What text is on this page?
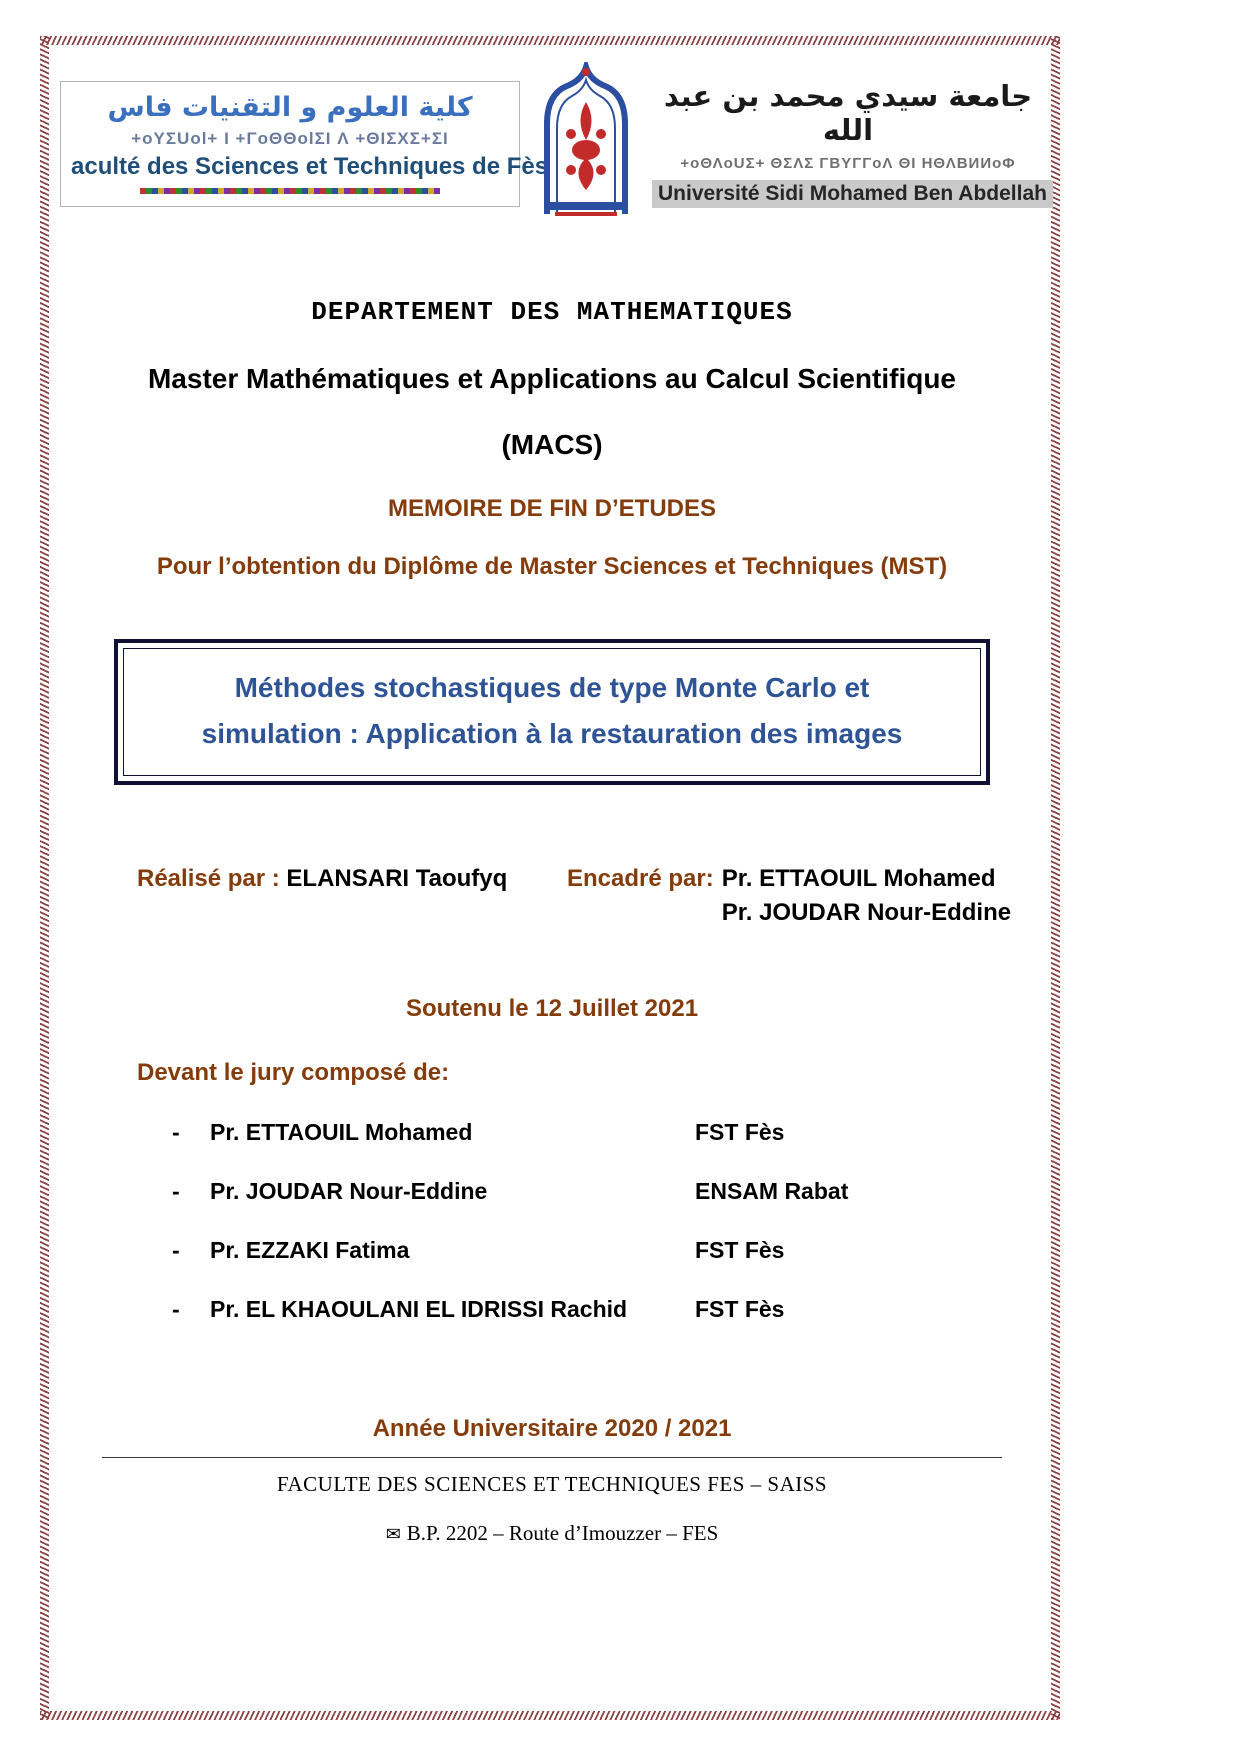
كلية العلوم و التقنيات فاس
+oYΣUol+ I +ΓoΘΘolΣI Λ +ΘIΣΧΣ+ΣI
aculté des Sciences et Techniques de Fès
جامعة سيدي محمد بن عبد الله
+oΘΛoUΣ+ ΘΣΛΣ ΓΒΥΓΓoΛ ΘI ΗΘΛΒИИoΦ
Université Sidi Mohamed Ben Abdellah
DEPARTEMENT DES MATHEMATIQUES
Master Mathématiques et Applications au Calcul Scientifique
(MACS)
MEMOIRE DE FIN D’ETUDES
Pour l’obtention du Diplôme de Master Sciences et Techniques (MST)
Méthodes stochastiques de type Monte Carlo et
simulation : Application à la restauration des images
Réalisé par : ELANSARI Taoufyq	Encadré par: Pr. ETTAOUIL Mohamed
Pr. JOUDAR Nour-Eddine
Soutenu le 12 Juillet 2021
Devant le jury composé de:
-	Pr. ETTAOUIL Mohamed	FST Fès
-	Pr. JOUDAR Nour-Eddine	ENSAM Rabat
-	Pr. EZZAKI Fatima	FST Fès
-	Pr. EL KHAOULANI EL IDRISSI Rachid	FST Fès
Année Universitaire 2020 / 2021
FACULTE DES SCIENCES ET TECHNIQUES FES – SAISS
✉ B.P. 2202 – Route d’Imouzzer – FES
